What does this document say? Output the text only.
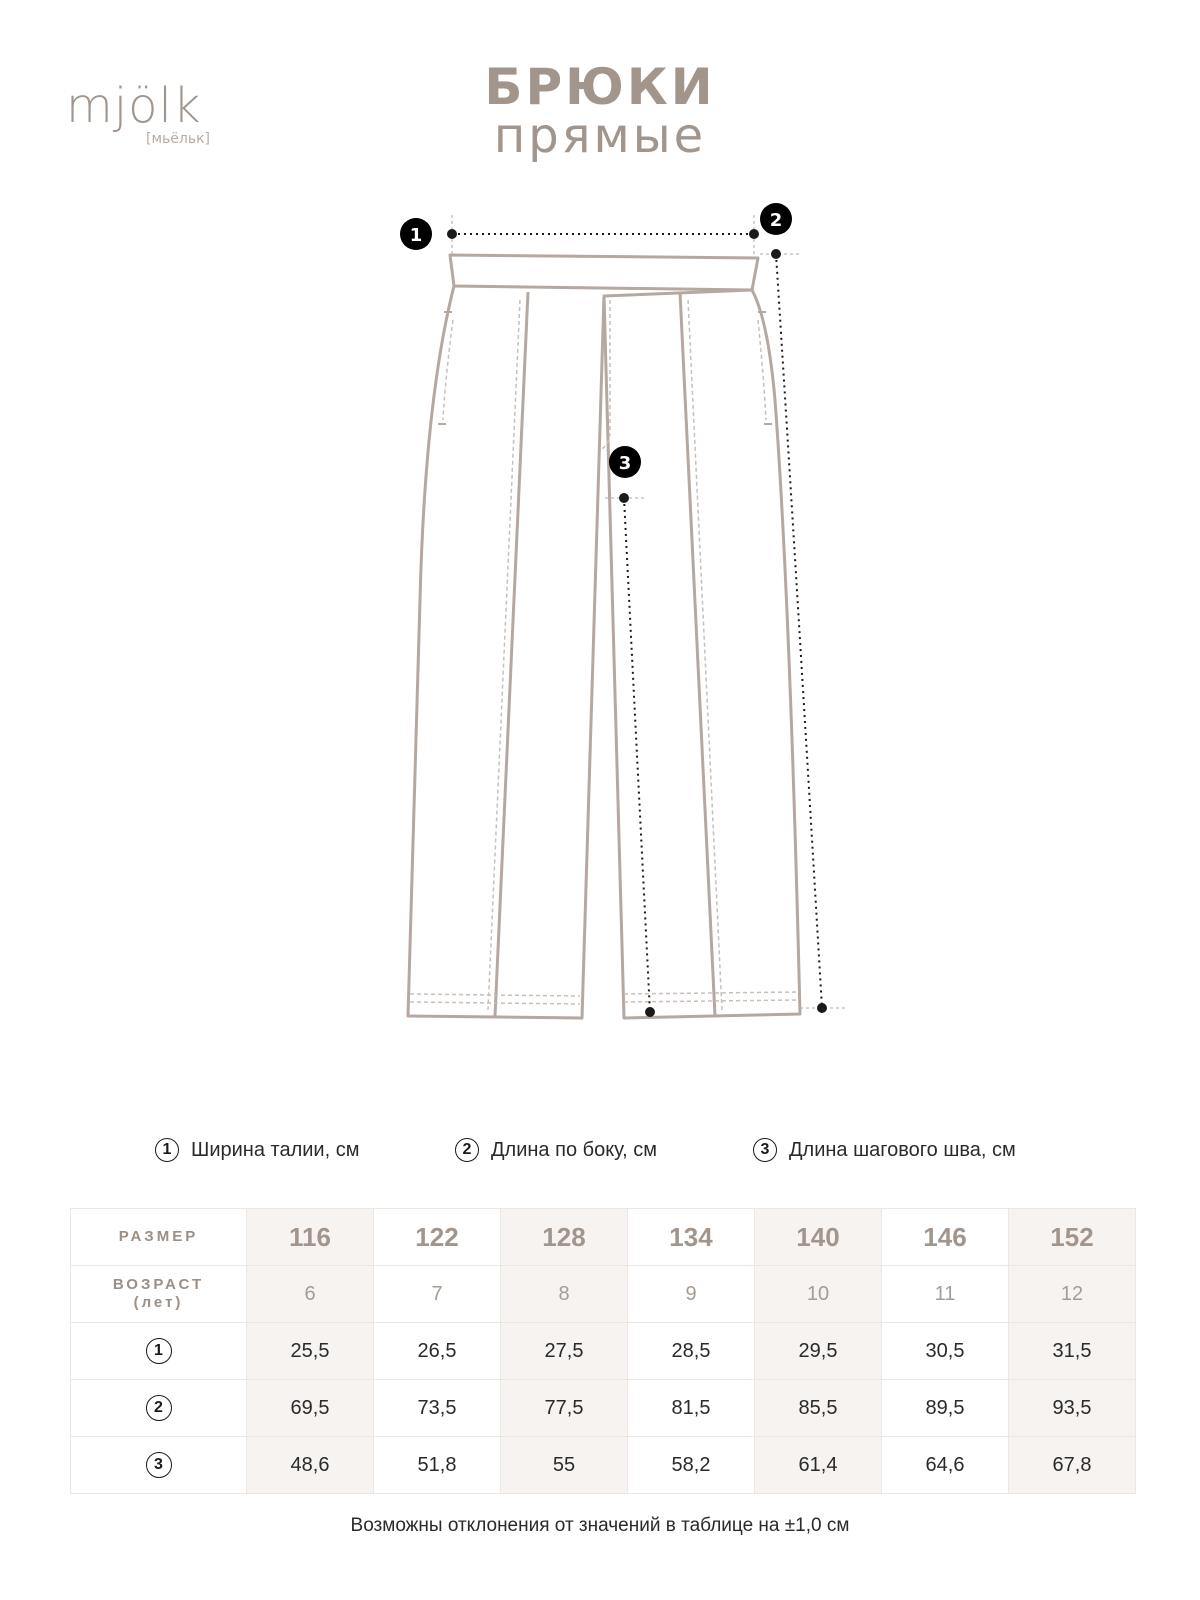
mjölk
[мьёльк]
БРЮКИ
прямые
1
2
3
1 Ширина талии, см	2 Длина по боку, см	3 Длина шагового шва, см
РАЗМЕР	116	122	128	134	140	146	152

ВОЗРАСТ
(лет)	6	7	8	9	10	11	12
1	25,5	26,5	27,5	28,5	29,5	30,5	31,5
2	69,5	73,5	77,5	81,5	85,5	89,5	93,5
3	48,6	51,8	55	58,2	61,4	64,6	67,8
Возможны отклонения от значений в таблице на ±1,0 см
